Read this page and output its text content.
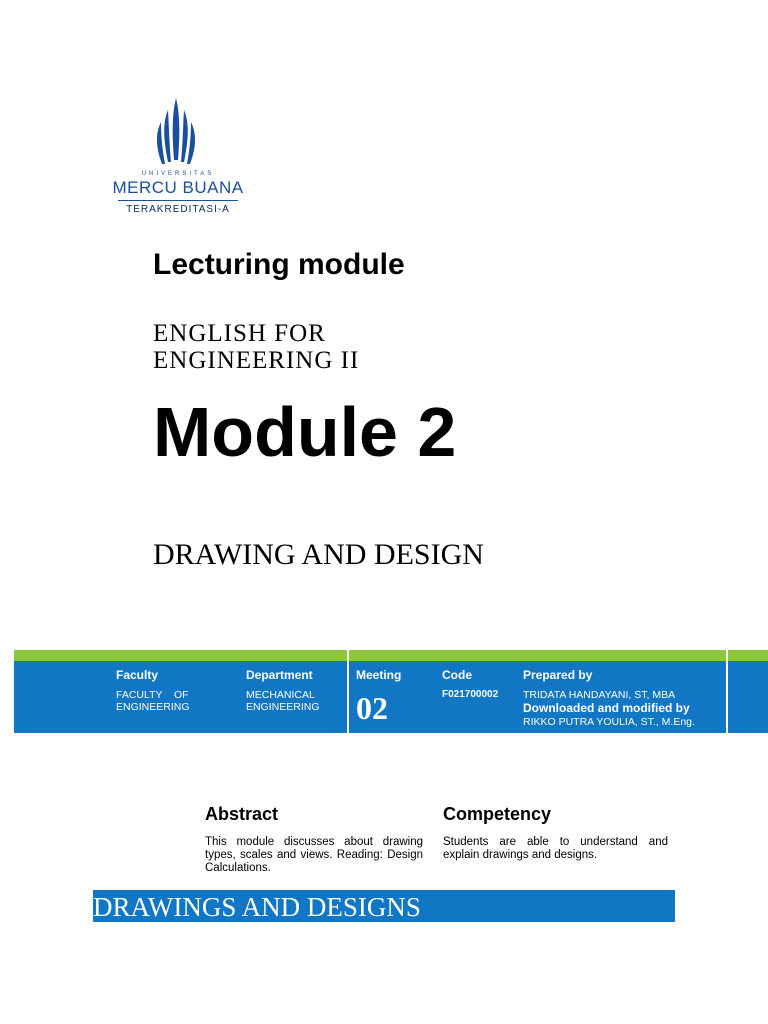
UNIVERSITAS
MERCU BUANA
TERAKREDITASI-A
Lecturing module
ENGLISH FOR
ENGINEERING II
Module 2
DRAWING AND DESIGN
Faculty
FACULTY    OF
ENGINEERING
Department
MECHANICAL
ENGINEERING
Meeting
02
Code
F021700002
Prepared by
TRIDATA HANDAYANI, ST, MBA
Downloaded and modified by
RIKKO PUTRA YOULIA, ST., M.Eng.
Abstract
This module discusses about drawing types, scales and views. Reading: Design Calculations.
Competency
Students are able to understand and explain drawings and designs.
DRAWINGS AND DESIGNS
